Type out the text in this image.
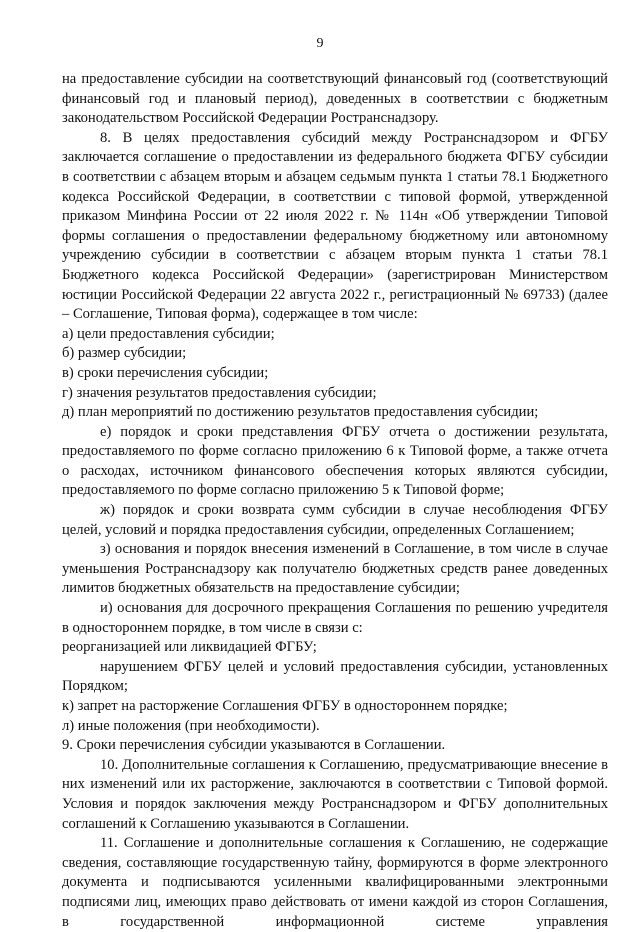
9

на предоставление субсидии на соответствующий финансовый год (соответствующий финансовый год и плановый период), доведенных в соответствии с бюджетным законодательством Российской Федерации Ространснадзору.

8. В целях предоставления субсидий между Ространснадзором и ФГБУ заключается соглашение о предоставлении из федерального бюджета ФГБУ субсидии в соответствии с абзацем вторым и абзацем седьмым пункта 1 статьи 78.1 Бюджетного кодекса Российской Федерации, в соответствии с типовой формой, утвержденной приказом Минфина России от 22 июля 2022 г. № 114н «Об утверждении Типовой формы соглашения о предоставлении федеральному бюджетному или автономному учреждению субсидии в соответствии с абзацем вторым пункта 1 статьи 78.1 Бюджетного кодекса Российской Федерации» (зарегистрирован Министерством юстиции Российской Федерации 22 августа 2022 г., регистрационный № 69733) (далее – Соглашение, Типовая форма), содержащее в том числе:

а) цели предоставления субсидии;

б) размер субсидии;

в) сроки перечисления субсидии;

г) значения результатов предоставления субсидии;

д) план мероприятий по достижению результатов предоставления субсидии;

е) порядок и сроки представления ФГБУ отчета о достижении результата, предоставляемого по форме согласно приложению 6 к Типовой форме, а также отчета о расходах, источником финансового обеспечения которых являются субсидии, предоставляемого по форме согласно приложению 5 к Типовой форме;

ж) порядок и сроки возврата сумм субсидии в случае несоблюдения ФГБУ целей, условий и порядка предоставления субсидии, определенных Соглашением;

з) основания и порядок внесения изменений в Соглашение, в том числе в случае уменьшения Ространснадзору как получателю бюджетных средств ранее доведенных лимитов бюджетных обязательств на предоставление субсидии;

и) основания для досрочного прекращения Соглашения по решению учредителя в одностороннем порядке, в том числе в связи с:

реорганизацией или ликвидацией ФГБУ;

нарушением ФГБУ целей и условий предоставления субсидии, установленных Порядком;

к) запрет на расторжение Соглашения ФГБУ в одностороннем порядке;

л) иные положения (при необходимости).

9. Сроки перечисления субсидии указываются в Соглашении.

10. Дополнительные соглашения к Соглашению, предусматривающие внесение в них изменений или их расторжение, заключаются в соответствии с Типовой формой. Условия и порядок заключения между Ространснадзором и ФГБУ дополнительных соглашений к Соглашению указываются в Соглашении.

11. Соглашение и дополнительные соглашения к Соглашению, не содержащие сведения, составляющие государственную тайну, формируются в форме электронного документа и подписываются усиленными квалифицированными электронными подписями лиц, имеющих право действовать от имени каждой из сторон Соглашения, в государственной информационной системе управления
